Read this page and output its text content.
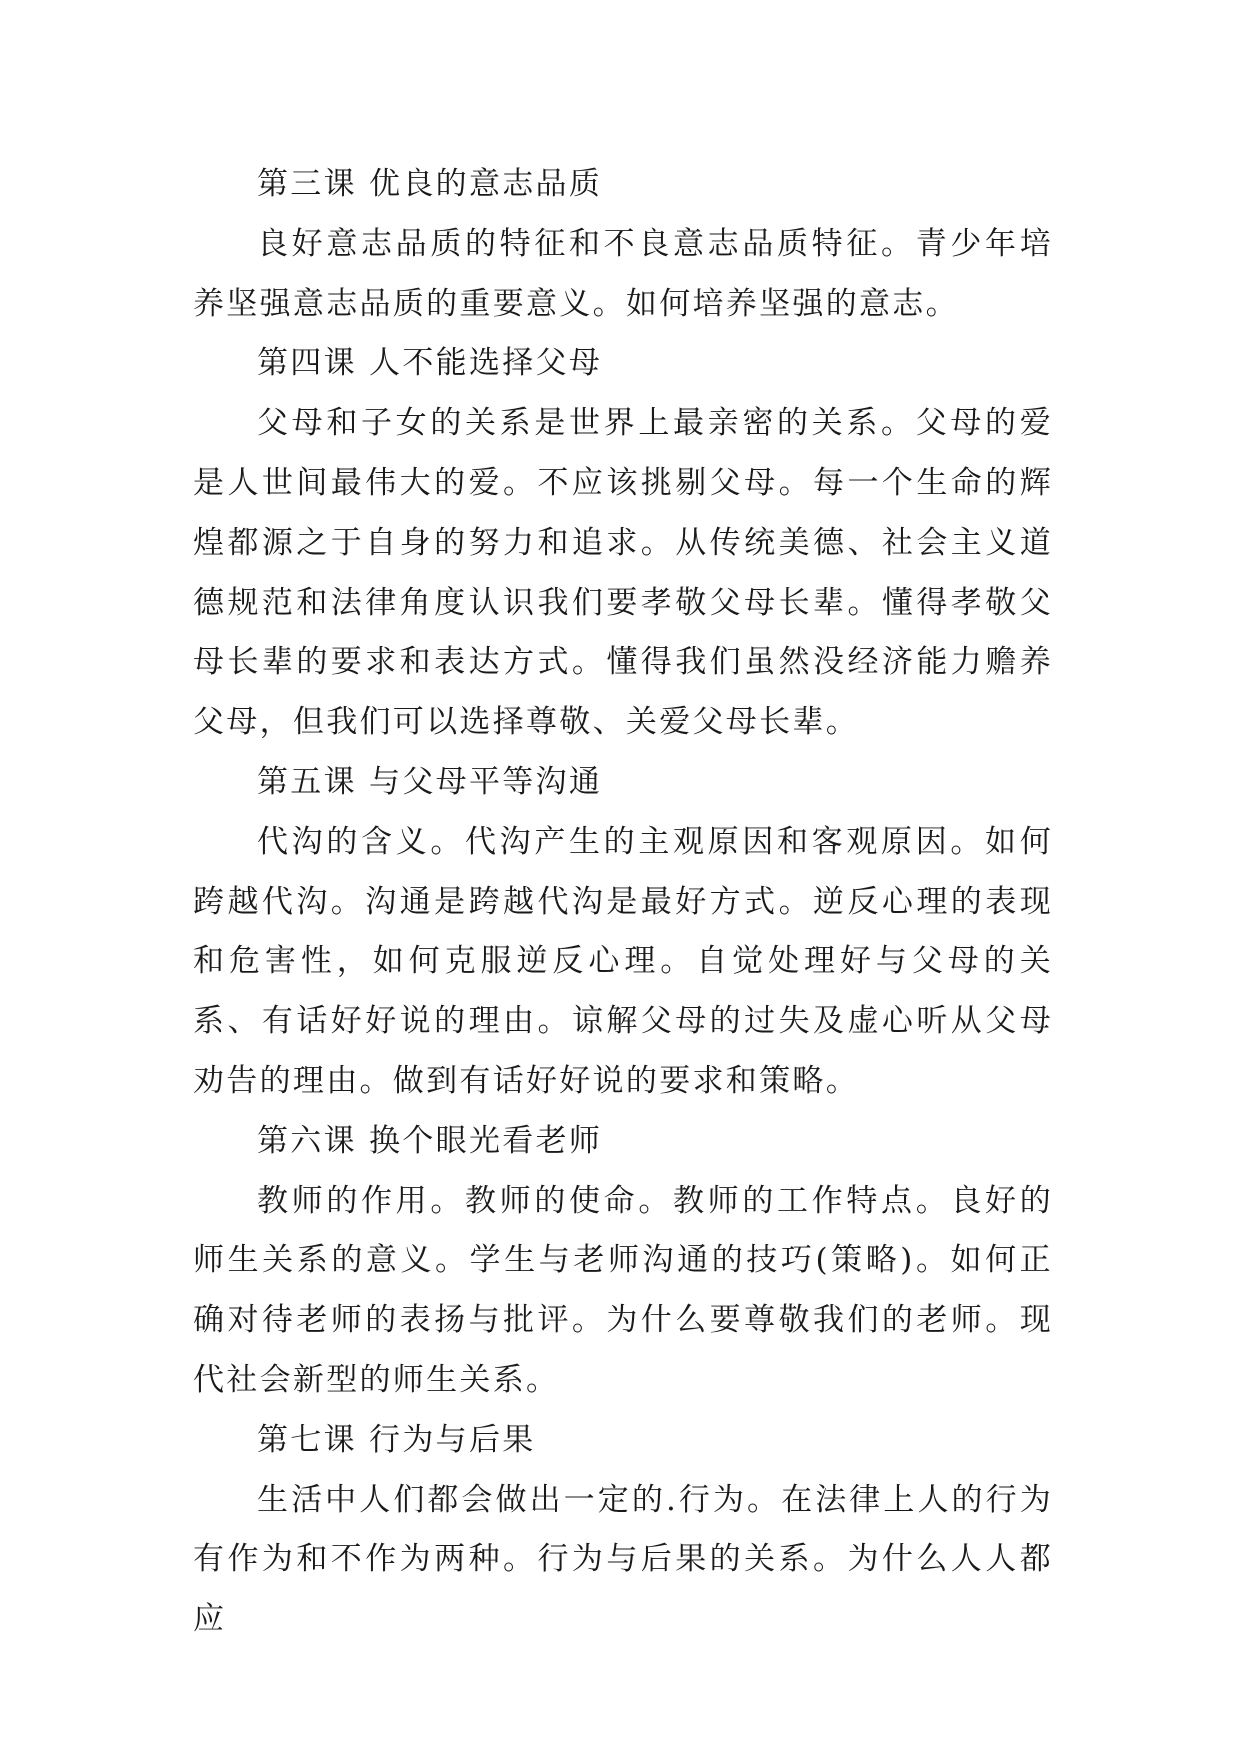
第三课 优良的意志品质

良好意志品质的特征和不良意志品质特征。青少年培养坚强意志品质的重要意义。如何培养坚强的意志。

第四课 人不能选择父母

父母和子女的关系是世界上最亲密的关系。父母的爱是人世间最伟大的爱。不应该挑剔父母。每一个生命的辉煌都源之于自身的努力和追求。从传统美德、社会主义道德规范和法律角度认识我们要孝敬父母长辈。懂得孝敬父母长辈的要求和表达方式。懂得我们虽然没经济能力赡养父母，但我们可以选择尊敬、关爱父母长辈。

第五课 与父母平等沟通

代沟的含义。代沟产生的主观原因和客观原因。如何跨越代沟。沟通是跨越代沟是最好方式。逆反心理的表现和危害性，如何克服逆反心理。自觉处理好与父母的关系、有话好好说的理由。谅解父母的过失及虚心听从父母劝告的理由。做到有话好好说的要求和策略。

第六课 换个眼光看老师

教师的作用。教师的使命。教师的工作特点。良好的师生关系的意义。学生与老师沟通的技巧(策略)。如何正确对待老师的表扬与批评。为什么要尊敬我们的老师。现代社会新型的师生关系。

第七课 行为与后果

生活中人们都会做出一定的.行为。在法律上人的行为有作为和不作为两种。行为与后果的关系。为什么人人都应
